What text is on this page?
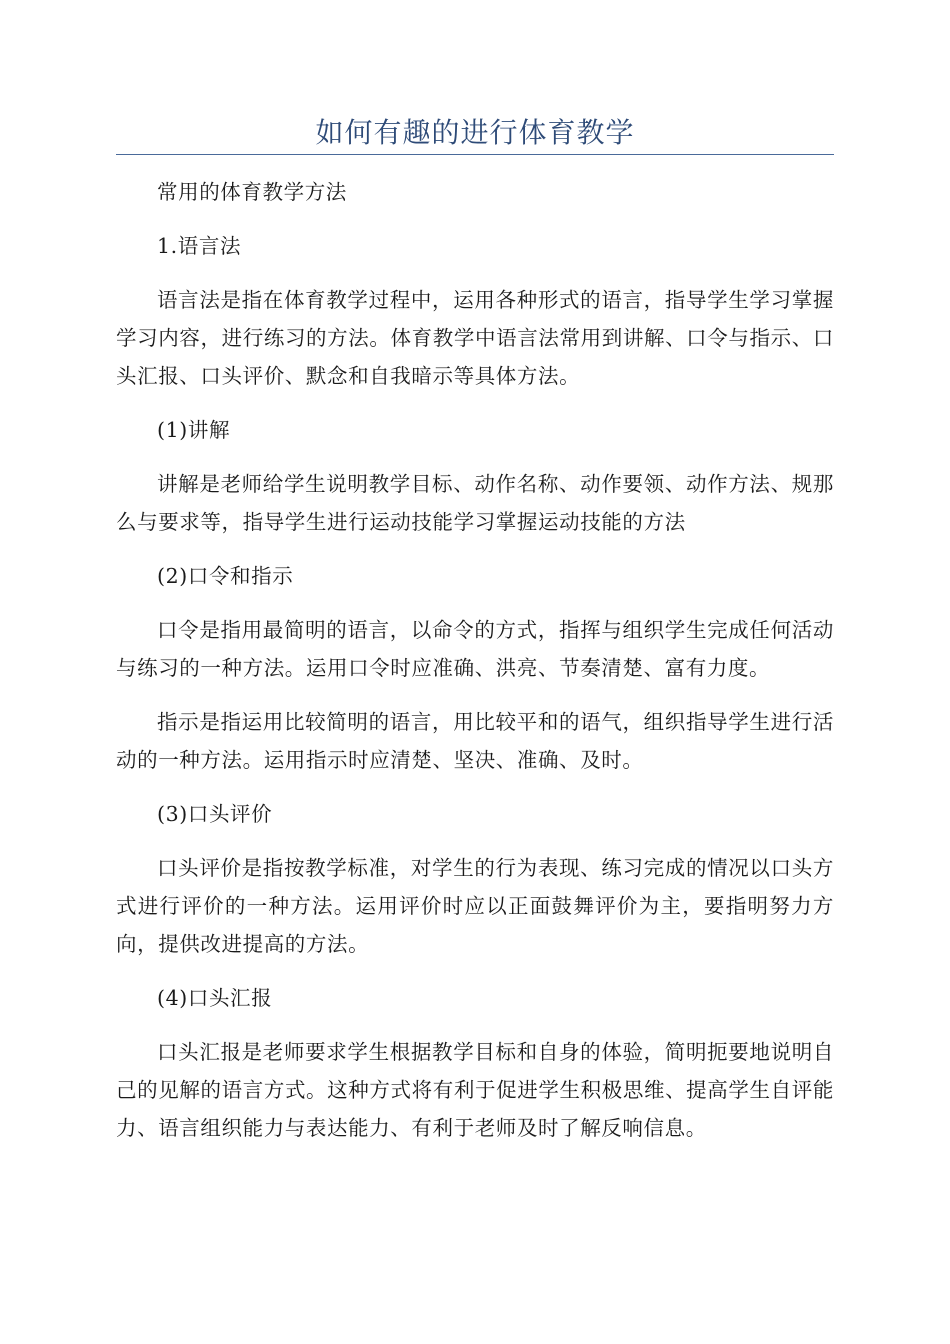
如何有趣的进行体育教学

常用的体育教学方法

1.语言法

语言法是指在体育教学过程中，运用各种形式的语言，指导学生学习掌握学习内容，进行练习的方法。体育教学中语言法常用到讲解、口令与指示、口头汇报、口头评价、默念和自我暗示等具体方法。

(1)讲解

讲解是老师给学生说明教学目标、动作名称、动作要领、动作方法、规那么与要求等，指导学生进行运动技能学习掌握运动技能的方法

(2)口令和指示

口令是指用最简明的语言，以命令的方式，指挥与组织学生完成任何活动与练习的一种方法。运用口令时应准确、洪亮、节奏清楚、富有力度。

指示是指运用比较简明的语言，用比较平和的语气，组织指导学生进行活动的一种方法。运用指示时应清楚、坚决、准确、及时。

(3)口头评价

口头评价是指按教学标准，对学生的行为表现、练习完成的情况以口头方式进行评价的一种方法。运用评价时应以正面鼓舞评价为主，要指明努力方向，提供改进提高的方法。

(4)口头汇报

口头汇报是老师要求学生根据教学目标和自身的体验，简明扼要地说明自己的见解的语言方式。这种方式将有利于促进学生积极思维、提高学生自评能力、语言组织能力与表达能力、有利于老师及时了解反响信息。
